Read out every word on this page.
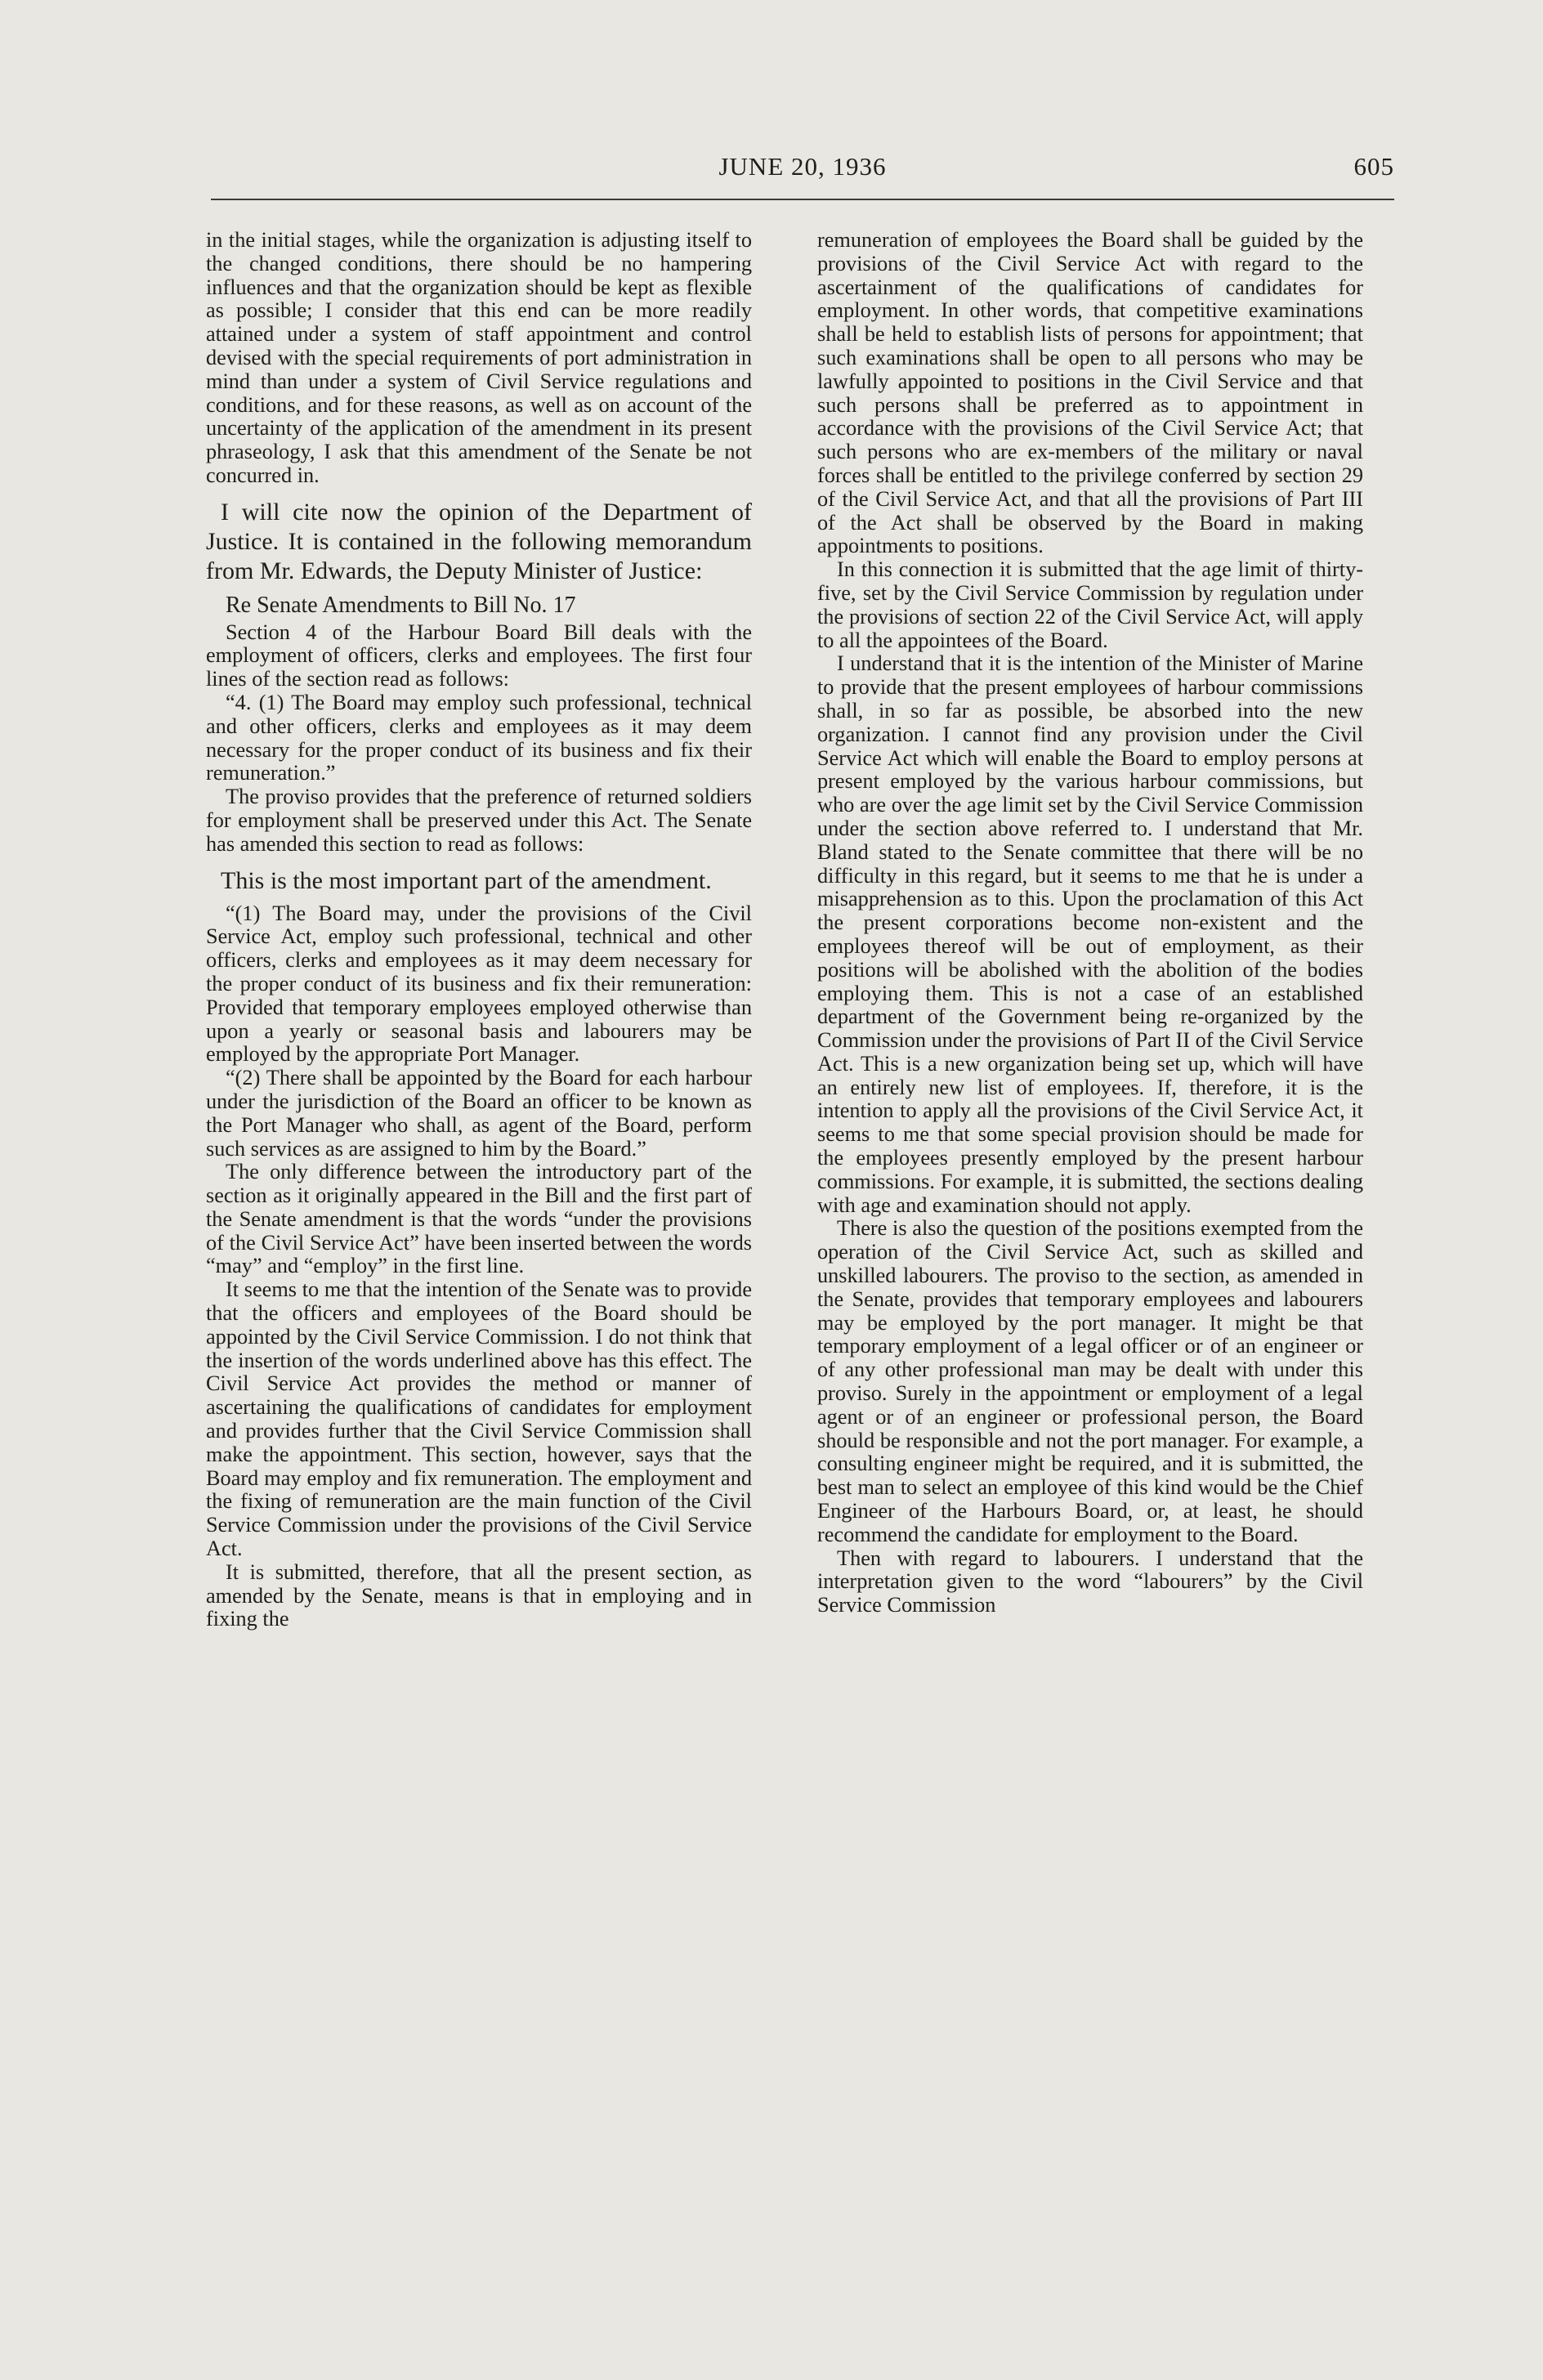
JUNE 20, 1936	605

in the initial stages, while the organization is adjusting itself to the changed conditions, there should be no hampering influences and that the organization should be kept as flexible as possible; I consider that this end can be more readily attained under a system of staff appointment and control devised with the special requirements of port administration in mind than under a system of Civil Service regulations and conditions, and for these reasons, as well as on account of the uncertainty of the application of the amendment in its present phraseology, I ask that this amendment of the Senate be not concurred in.

I will cite now the opinion of the Department of Justice. It is contained in the following memorandum from Mr. Edwards, the Deputy Minister of Justice:

Re Senate Amendments to Bill No. 17

Section 4 of the Harbour Board Bill deals with the employment of officers, clerks and employees. The first four lines of the section read as follows:

“4. (1) The Board may employ such professional, technical and other officers, clerks and employees as it may deem necessary for the proper conduct of its business and fix their remuneration.”

The proviso provides that the preference of returned soldiers for employment shall be preserved under this Act. The Senate has amended this section to read as follows:

This is the most important part of the amendment.

“(1) The Board may, under the provisions of the Civil Service Act, employ such professional, technical and other officers, clerks and employees as it may deem necessary for the proper conduct of its business and fix their remuneration: Provided that temporary employees employed otherwise than upon a yearly or seasonal basis and labourers may be employed by the appropriate Port Manager.

“(2) There shall be appointed by the Board for each harbour under the jurisdiction of the Board an officer to be known as the Port Manager who shall, as agent of the Board, perform such services as are assigned to him by the Board.”

The only difference between the introductory part of the section as it originally appeared in the Bill and the first part of the Senate amendment is that the words “under the provisions of the Civil Service Act” have been inserted between the words “may” and “employ” in the first line.

It seems to me that the intention of the Senate was to provide that the officers and employees of the Board should be appointed by the Civil Service Commission. I do not think that the insertion of the words underlined above has this effect. The Civil Service Act provides the method or manner of ascertaining the qualifications of candidates for employment and provides further that the Civil Service Commission shall make the appointment. This section, however, says that the Board may employ and fix remuneration. The employment and the fixing of remuneration are the main function of the Civil Service Commission under the provisions of the Civil Service Act.

It is submitted, therefore, that all the present section, as amended by the Senate, means is that in employing and in fixing the

remuneration of employees the Board shall be guided by the provisions of the Civil Service Act with regard to the ascertainment of the qualifications of candidates for employment. In other words, that competitive examinations shall be held to establish lists of persons for appointment; that such examinations shall be open to all persons who may be lawfully appointed to positions in the Civil Service and that such persons shall be preferred as to appointment in accordance with the provisions of the Civil Service Act; that such persons who are ex-members of the military or naval forces shall be entitled to the privilege conferred by section 29 of the Civil Service Act, and that all the provisions of Part III of the Act shall be observed by the Board in making appointments to positions.

In this connection it is submitted that the age limit of thirty-five, set by the Civil Service Commission by regulation under the provisions of section 22 of the Civil Service Act, will apply to all the appointees of the Board.

I understand that it is the intention of the Minister of Marine to provide that the present employees of harbour commissions shall, in so far as possible, be absorbed into the new organization. I cannot find any provision under the Civil Service Act which will enable the Board to employ persons at present employed by the various harbour commissions, but who are over the age limit set by the Civil Service Commission under the section above referred to. I understand that Mr. Bland stated to the Senate committee that there will be no difficulty in this regard, but it seems to me that he is under a misapprehension as to this. Upon the proclamation of this Act the present corporations become non-existent and the employees thereof will be out of employment, as their positions will be abolished with the abolition of the bodies employing them. This is not a case of an established department of the Government being re-organized by the Commission under the provisions of Part II of the Civil Service Act. This is a new organization being set up, which will have an entirely new list of employees. If, therefore, it is the intention to apply all the provisions of the Civil Service Act, it seems to me that some special provision should be made for the employees presently employed by the present harbour commissions. For example, it is submitted, the sections dealing with age and examination should not apply.

There is also the question of the positions exempted from the operation of the Civil Service Act, such as skilled and unskilled labourers. The proviso to the section, as amended in the Senate, provides that temporary employees and labourers may be employed by the port manager. It might be that temporary employment of a legal officer or of an engineer or of any other professional man may be dealt with under this proviso. Surely in the appointment or employment of a legal agent or of an engineer or professional person, the Board should be responsible and not the port manager. For example, a consulting engineer might be required, and it is submitted, the best man to select an employee of this kind would be the Chief Engineer of the Harbours Board, or, at least, he should recommend the candidate for employment to the Board.

Then with regard to labourers. I understand that the interpretation given to the word “labourers” by the Civil Service Commission
